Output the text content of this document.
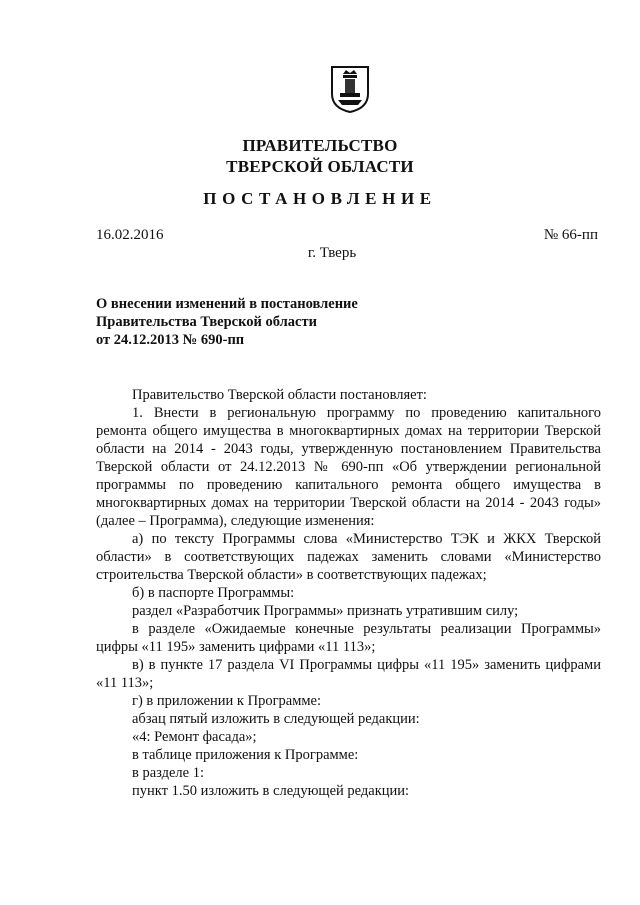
ПРАВИТЕЛЬСТВО
ТВЕРСКОЙ ОБЛАСТИ
ПОСТАНОВЛЕНИЕ
16.02.2016	№ 66-пп
г. Тверь
О внесении изменений в постановление
Правительства Тверской области
от 24.12.2013 № 690-пп

Правительство Тверской области постановляет:

1. Внести в региональную программу по проведению капитального ремонта общего имущества в многоквартирных домах на территории Тверской области на 2014 - 2043 годы, утвержденную постановлением Правительства Тверской области от 24.12.2013 № 690-пп «Об утверждении региональной программы по проведению капитального ремонта общего имущества в многоквартирных домах на территории Тверской области на 2014 - 2043 годы» (далее – Программа), следующие изменения:

а) по тексту Программы слова «Министерство ТЭК и ЖКХ Тверской области» в соответствующих падежах заменить словами «Министерство строительства Тверской области» в соответствующих падежах;

б) в паспорте Программы:

раздел «Разработчик Программы» признать утратившим силу;

в разделе «Ожидаемые конечные результаты реализации Программы» цифры «11 195» заменить цифрами «11 113»;

в) в пункте 17 раздела VI Программы цифры «11 195» заменить цифрами «11 113»;

г) в приложении к Программе:

абзац пятый изложить в следующей редакции:

«4: Ремонт фасада»;

в таблице приложения к Программе:

в разделе 1:

пункт 1.50 изложить в следующей редакции:
